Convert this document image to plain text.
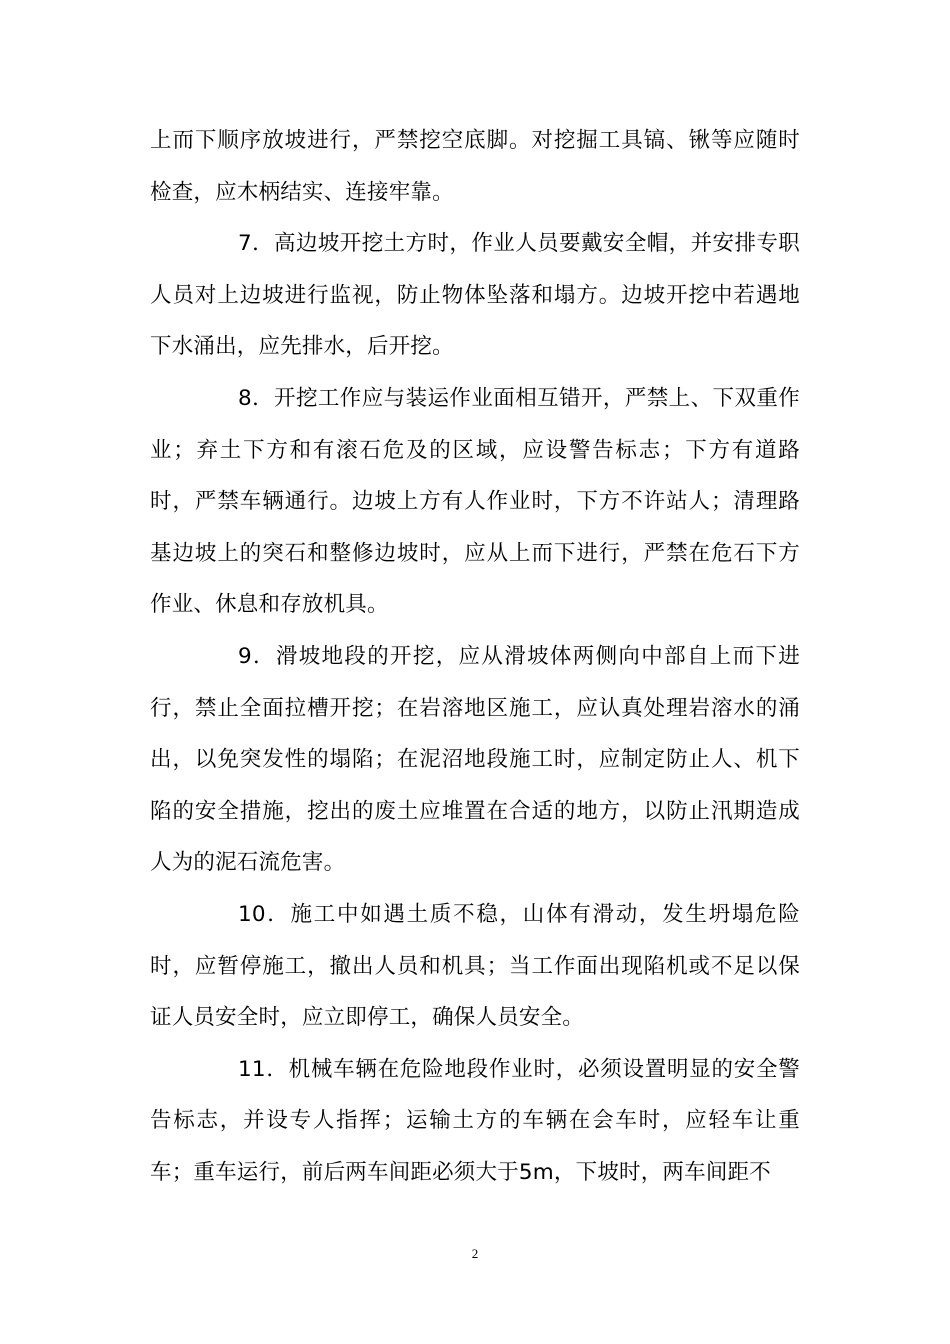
上而下顺序放坡进行，严禁挖空底脚。对挖掘工具镐、锹等应随时检查，应木柄结实、连接牢靠。

7．高边坡开挖土方时，作业人员要戴安全帽，并安排专职人员对上边坡进行监视，防止物体坠落和塌方。边坡开挖中若遇地下水涌出，应先排水，后开挖。

8．开挖工作应与装运作业面相互错开，严禁上、下双重作业；弃土下方和有滚石危及的区域，应设警告标志；下方有道路时，严禁车辆通行。边坡上方有人作业时，下方不许站人；清理路基边坡上的突石和整修边坡时，应从上而下进行，严禁在危石下方作业、休息和存放机具。

9．滑坡地段的开挖，应从滑坡体两侧向中部自上而下进行，禁止全面拉槽开挖；在岩溶地区施工，应认真处理岩溶水的涌出，以免突发性的塌陷；在泥沼地段施工时，应制定防止人、机下陷的安全措施，挖出的废土应堆置在合适的地方，以防止汛期造成人为的泥石流危害。

10．施工中如遇土质不稳，山体有滑动，发生坍塌危险时，应暂停施工，撤出人员和机具；当工作面出现陷机或不足以保证人员安全时，应立即停工，确保人员安全。

11．机械车辆在危险地段作业时，必须设置明显的安全警告标志，并设专人指挥；运输土方的车辆在会车时，应轻车让重车；重车运行，前后两车间距必须大于5m，下坡时，两车间距不

2
